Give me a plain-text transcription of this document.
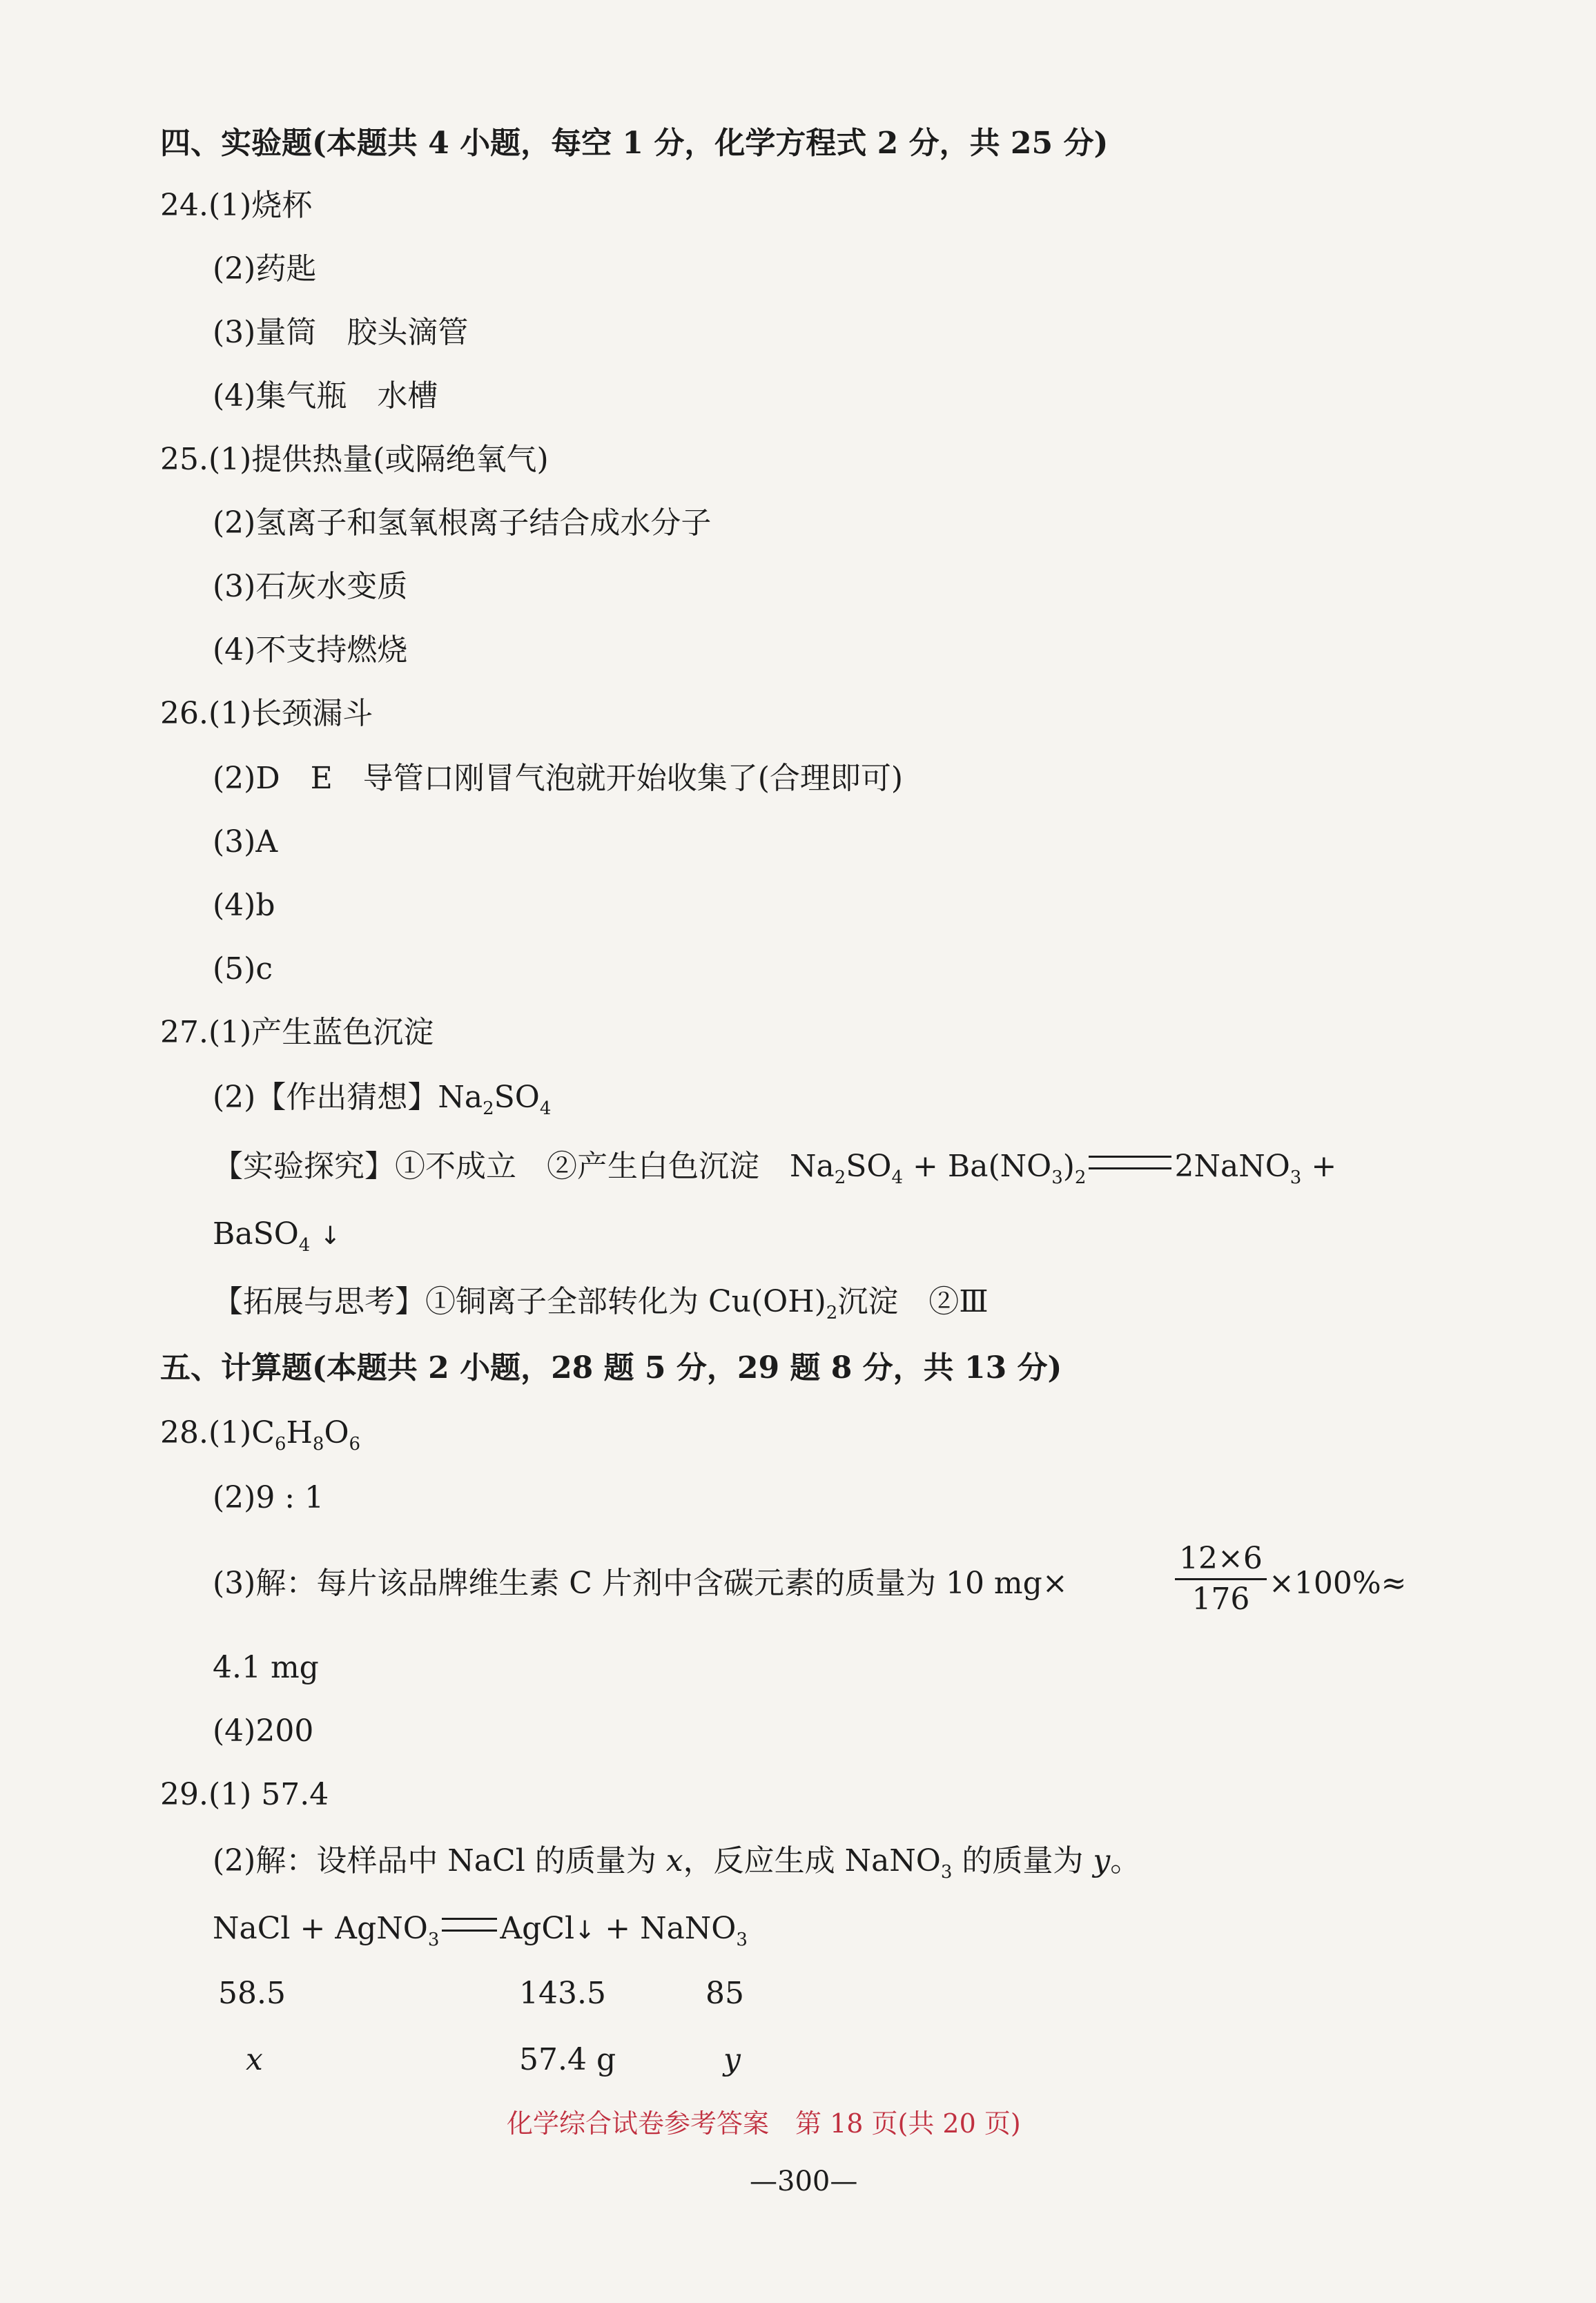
四、实验题(本题共 4 小题，每空 1 分，化学方程式 2 分，共 25 分)
24.(1)烧杯
(2)药匙
(3)量筒　胶头滴管
(4)集气瓶　水槽
25.(1)提供热量(或隔绝氧气)
(2)氢离子和氢氧根离子结合成水分子
(3)石灰水变质
(4)不支持燃烧
26.(1)长颈漏斗
(2)D　E　导管口刚冒气泡就开始收集了(合理即可)
(3)A
(4)b
(5)c
27.(1)产生蓝色沉淀
(2)【作出猜想】$Na_2SO_4$
【实验探究】①不成立　②产生白色沉淀　$Na_2SO_4 + Ba(NO_3)_2$	2NaNO$_3$ +
BaSO$_4$ ↓
【拓展与思考】①铜离子全部转化为 $Cu(OH)_2$沉淀　②Ⅲ
五、计算题(本题共 2 小题，28 题 5 分，29 题 8 分，共 13 分)
$28.(1)C_6H_8O_6$
(2)9 : 1
(3)解：每片该品牌维生素 C 片剂中含碳元素的质量为 10 mg×	$\frac{12\times 6}{176} \times 100\%\approx$
4.1 mg
(4)200
29.(1) 57.4
(2)解：设样品中 NaCl 的质量为 x，反应生成 NaNO$_3$ 的质量为 y。
NaCl + AgNO$_3$ AgCl↓ + NaNO$_3$
58.5	143.5	85
x	57.4 g	y
化学综合试卷参考答案　第 18 页(共 20 页)
—300—
